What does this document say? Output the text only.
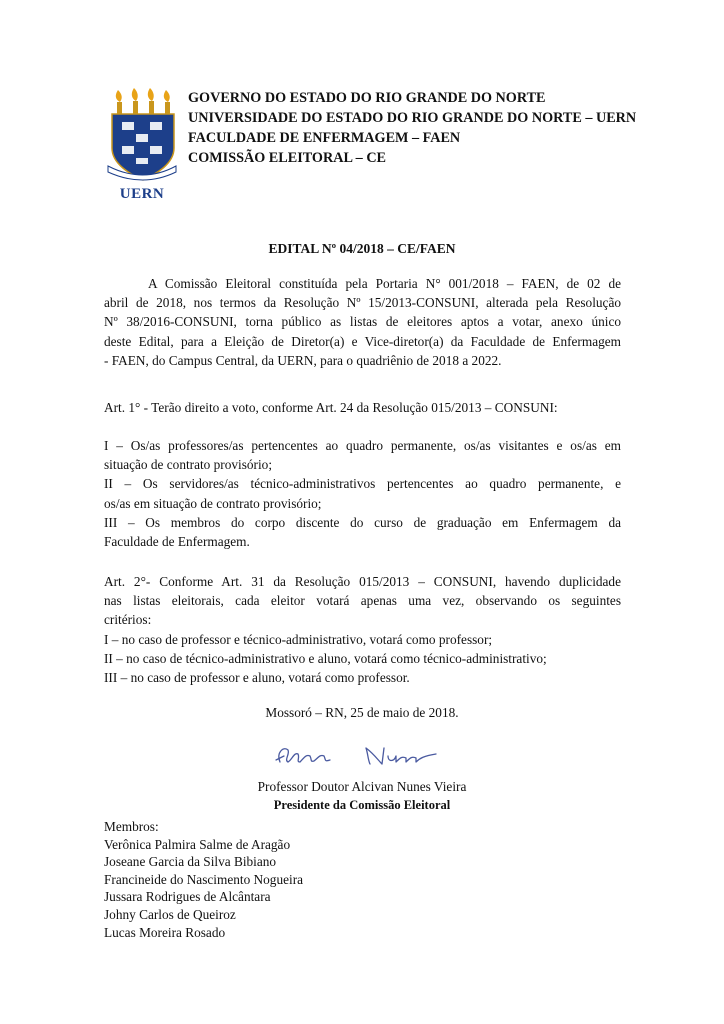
UERN
GOVERNO DO ESTADO DO RIO GRANDE DO NORTE
UNIVERSIDADE DO ESTADO DO RIO GRANDE DO NORTE – UERN
FACULDADE DE ENFERMAGEM – FAEN
COMISSÃO ELEITORAL – CE
EDITAL Nº 04/2018 – CE/FAEN
A Comissão Eleitoral constituída pela Portaria N° 001/2018 – FAEN, de 02 de
abril de 2018, nos termos da Resolução Nº 15/2013-CONSUNI, alterada pela Resolução
Nº 38/2016-CONSUNI, torna público as listas de eleitores aptos a votar, anexo único
deste Edital, para a Eleição de Diretor(a) e Vice-diretor(a) da Faculdade de Enfermagem
- FAEN, do Campus Central, da UERN, para o quadriênio de 2018 a 2022.
Art. 1° - Terão direito a voto, conforme Art. 24 da Resolução 015/2013 – CONSUNI:
I – Os/as professores/as pertencentes ao quadro permanente, os/as visitantes e os/as em
situação de contrato provisório;
II – Os servidores/as técnico-administrativos pertencentes ao quadro permanente, e
os/as em situação de contrato provisório;
III – Os membros do corpo discente do curso de graduação em Enfermagem da
Faculdade de Enfermagem.
Art. 2°- Conforme Art. 31 da Resolução 015/2013 – CONSUNI, havendo duplicidade
nas listas eleitorais, cada eleitor votará apenas uma vez, observando os seguintes
critérios:
I – no caso de professor e técnico-administrativo, votará como professor;
II – no caso de técnico-administrativo e aluno, votará como técnico-administrativo;
III – no caso de professor e aluno, votará como professor.
Mossoró – RN, 25 de maio de 2018.
Professor Doutor Alcivan Nunes Vieira
Presidente da Comissão Eleitoral
Membros:
Verônica Palmira Salme de Aragão
Joseane Garcia da Silva Bibiano
Francineide do Nascimento Nogueira
Jussara Rodrigues de Alcântara
Johny Carlos de Queiroz
Lucas Moreira Rosado
